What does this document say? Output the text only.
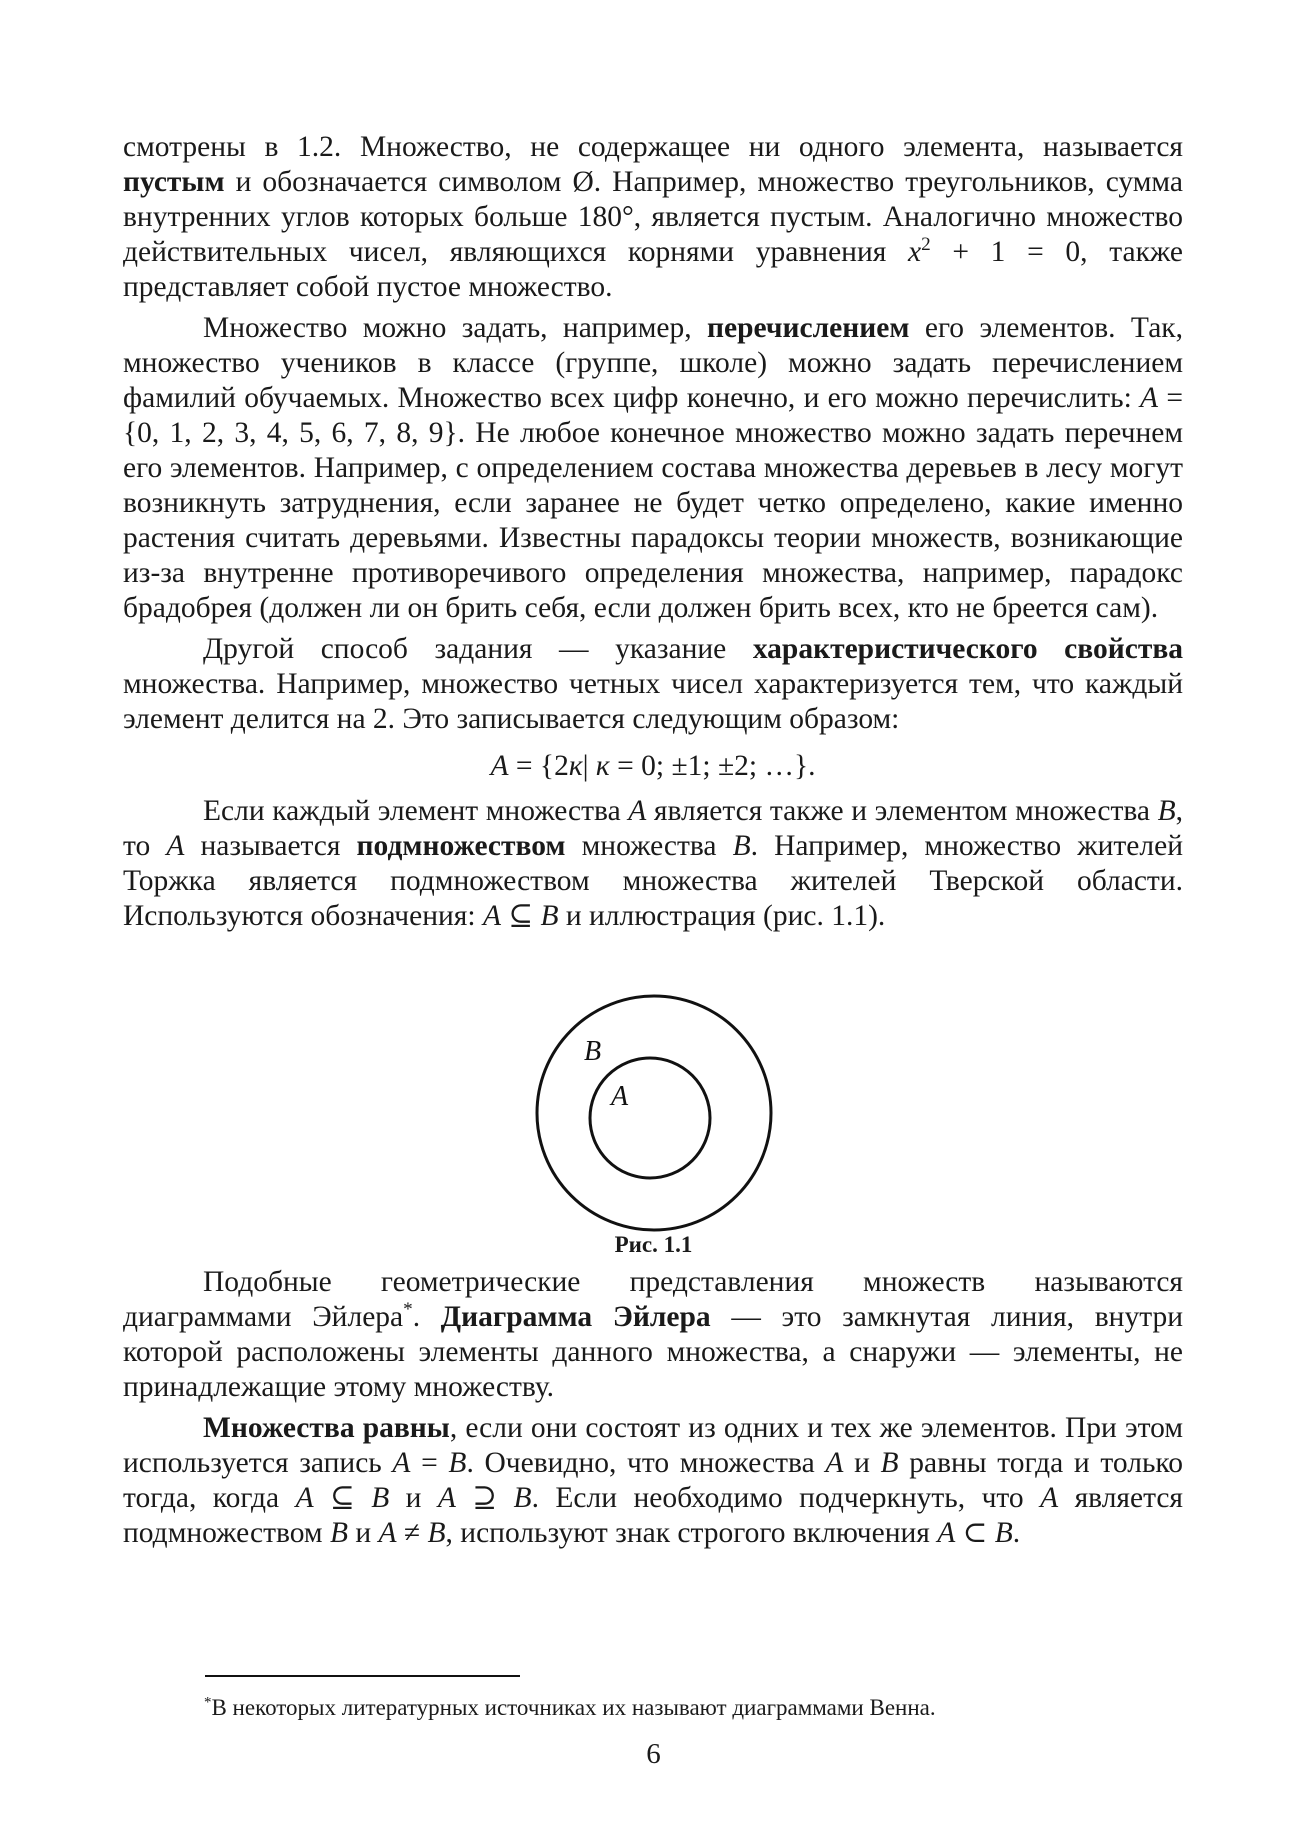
смотрены в 1.2. Множество, не содержащее ни одного элемента, называется пустым и обозначается символом Ø. Например, множество треугольников, сумма внутренних углов которых больше 180°, является пустым. Аналогично множество действительных чисел, являющихся корнями уравнения $x^2 + 1 = 0$, также представляет собой пустое множество.

Множество можно задать, например, перечислением его элементов. Так, множество учеников в классе (группе, школе) можно задать перечислением фамилий обучаемых. Множество всех цифр конечно, и его можно перечислить: A = {0, 1, 2, 3, 4, 5, 6, 7, 8, 9}. Не любое конечное множество можно задать перечнем его элементов. Например, с определением состава множества деревьев в лесу могут возникнуть затруднения, если заранее не будет четко определено, какие именно растения считать деревьями. Известны парадоксы теории множеств, возникающие из-за внутренне противоречивого определения множества, например, парадокс брадобрея (должен ли он брить себя, если должен брить всех, кто не бреется сам).

Другой способ задания — указание характеристического свойства множества. Например, множество четных чисел характеризуется тем, что каждый элемент делится на 2. Это записывается следующим образом:

A = {2к| к = 0; ±1; ±2; …}.

Если каждый элемент множества A является также и элементом множества B, то A называется подмножеством множества B. Например, множество жителей Торжка является подмножеством множества жителей Тверской области. Используются обозначения: A ⊆ B и иллюстрация (рис. 1.1).

B
A
Рис. 1.1

Подобные геометрические представления множеств называются диаграммами Эйлера*. Диаграмма Эйлера — это замкнутая линия, внутри которой расположены элементы данного множества, а снаружи — элементы, не принадлежащие этому множеству.

Множества равны, если они состоят из одних и тех же элементов. При этом используется запись A = B. Очевидно, что множества A и B равны тогда и только тогда, когда A ⊆ B и A ⊇ B. Если необходимо подчеркнуть, что A является подмножеством B и A ≠ B, используют знак строгого включения A ⊂ B.

*В некоторых литературных источниках их называют диаграммами Венна.
6
